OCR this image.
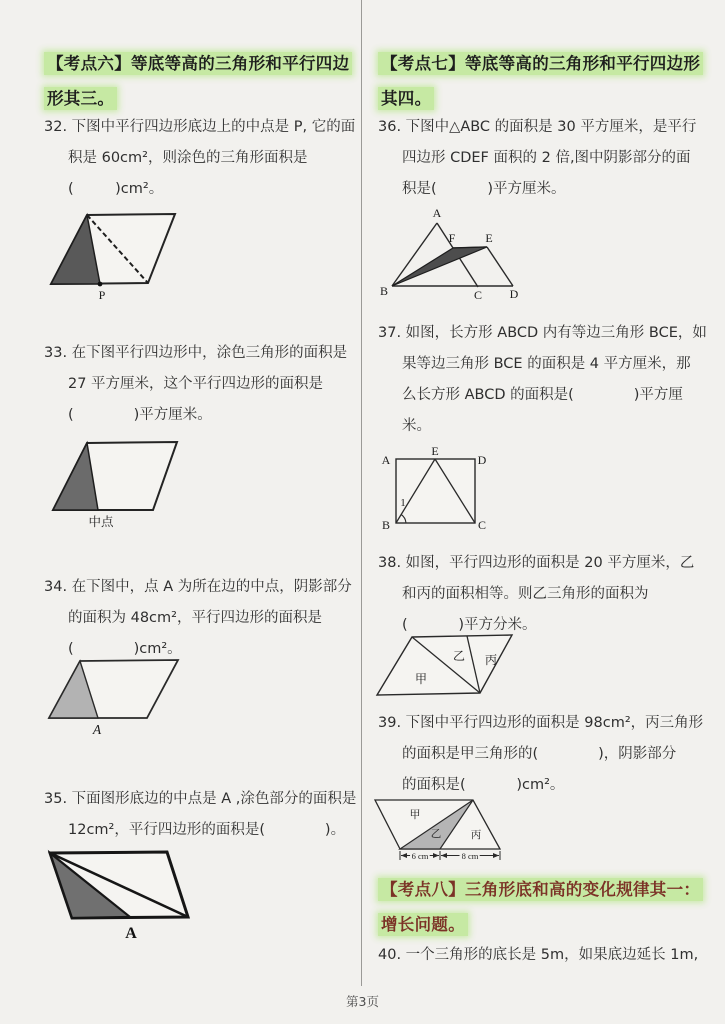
【考点六】等底等高的三角形和平行四边形其三。
32. 下图中平行四边形底边上的中点是 P, 它的面
积是 60cm²，则涂色的三角形面积是
(         )cm²。
P
33. 在下图平行四边形中，涂色三角形的面积是
27 平方厘米，这个平行四边形的面积是
(             )平方厘米。
中点
34. 在下图中，点 A 为所在边的中点，阴影部分
的面积为 48cm²，平行四边形的面积是
(             )cm²。
A
35. 下面图形底边的中点是 A ,涂色部分的面积是
12cm²，平行四边形的面积是(             )。
A
【考点七】等底等高的三角形和平行四边形其四。
36. 下图中△ABC 的面积是 30 平方厘米，是平行
四边形 CDEF 面积的 2 倍,图中阴影部分的面
积是(           )平方厘米。
A
B	C D
E
F
37. 如图，长方形 ABCD 内有等边三角形 BCE，如
果等边三角形 BCE 的面积是 4 平方厘米，那
么长方形 ABCD 的面积是(             )平方厘
米。
1
A	D
B	C
E
38. 如图，平行四边形的面积是 20 平方厘米，乙
和丙的面积相等。则乙三角形的面积为
(           )平方分米。
甲
乙 丙
39. 下图中平行四边形的面积是 98cm²，丙三角形
的面积是甲三角形的(             )，阴影部分
的面积是(           )cm²。
甲
乙	丙
6 cm	8 cm
【考点八】三角形底和高的变化规律其一：增长问题。
40. 一个三角形的底长是 5m，如果底边延长 1m,
第3页
